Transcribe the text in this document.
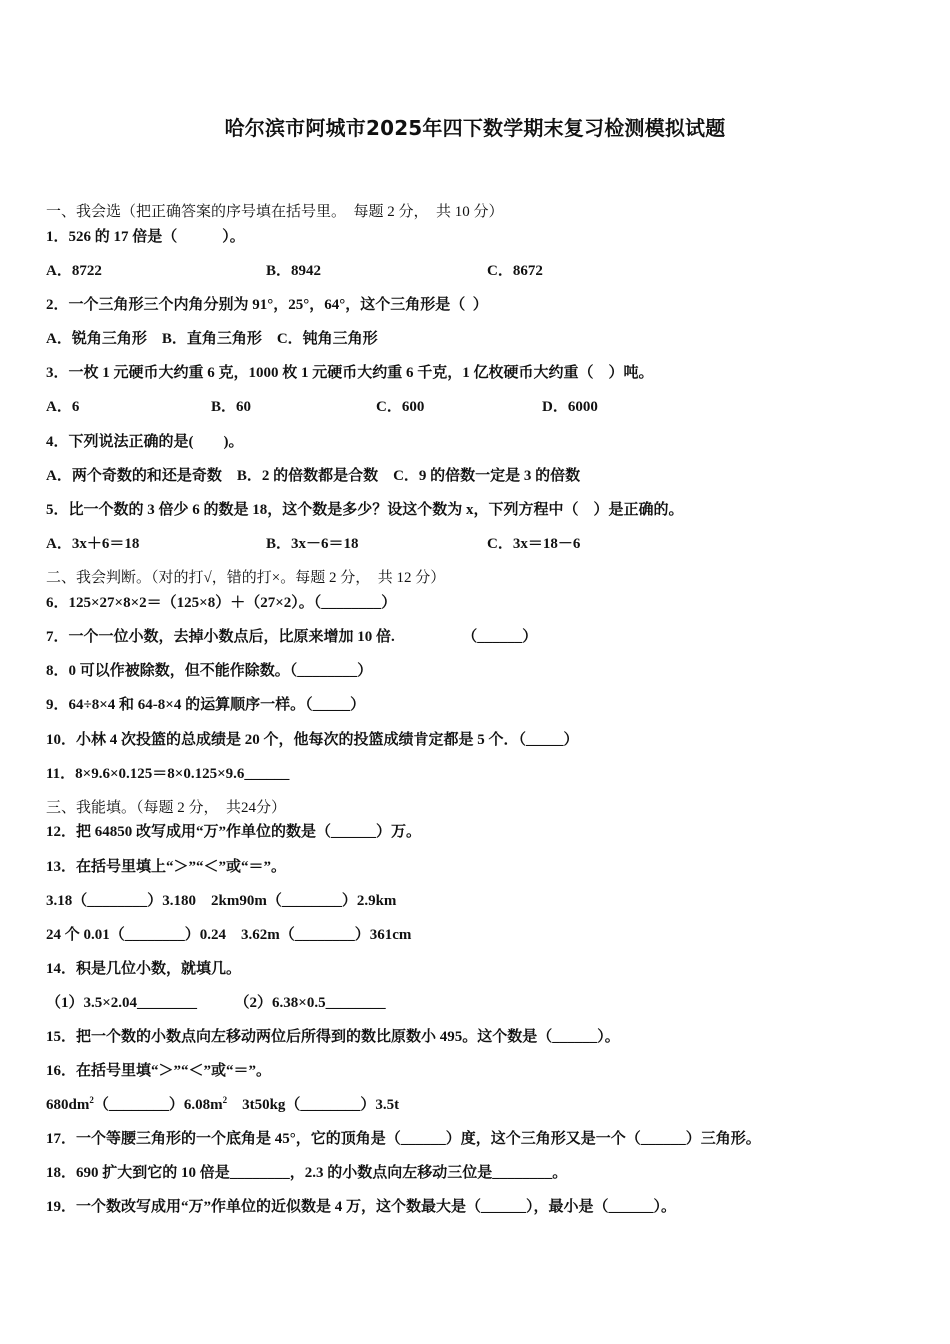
哈尔滨市阿城市2025年四下数学期末复习检测模拟试题
一、我会选（把正确答案的序号填在括号里。  每题 2 分，  共 10 分）
1．526 的 17 倍是（            ）。
A．8722	B．8942	C．8672
2．一个三角形三个内角分别为 91°，25°，64°，这个三角形是（  ）
A．锐角三角形    B．直角三角形    C．钝角三角形
3．一枚 1 元硬币大约重 6 克，1000 枚 1 元硬币大约重 6 千克，1 亿枚硬币大约重（    ）吨。
A．6	B．60	C．600	D．6000
4．下列说法正确的是(        )。
A．两个奇数的和还是奇数    B．2 的倍数都是合数    C．9 的倍数一定是 3 的倍数
5．比一个数的 3 倍少 6 的数是 18，这个数是多少？设这个数为 x，下列方程中（    ）是正确的。
A．3x＋6＝18	B．3x－6＝18	C．3x＝18－6
二、我会判断。（对的打√，错的打×。每题 2 分，  共 12 分）
6．125×27×8×2＝（125×8）＋（27×2）。（________）
7．一个一位小数，去掉小数点后，比原来增加 10 倍.                  （______）
8．0 可以作被除数，但不能作除数。（________）
9．64÷8×4 和 64-8×4 的运算顺序一样。（_____）
10．小林 4 次投篮的总成绩是 20 个，他每次的投篮成绩肯定都是 5 个．（_____）
11．8×9.6×0.125＝8×0.125×9.6______
三、我能填。（每题 2 分，  共24分）
12．把 64850 改写成用“万”作单位的数是（______）万。
13．在括号里填上“＞”“＜”或“＝”。
3.18（________）3.180    2km90m（________）2.9km
24 个 0.01（________）0.24    3.62m（________）361cm
14．积是几位小数，就填几。
（1）3.5×2.04________          （2）6.38×0.5________
15．把一个数的小数点向左移动两位后所得到的数比原数小 495。这个数是（______）。
16．在括号里填“＞”“＜”或“＝”。
$680dm^2(\_\_\_\_\_\_\_\_)6.08m^2$    3t50kg（________）3.5t
17．一个等腰三角形的一个底角是 45°，它的顶角是（______）度，这个三角形又是一个（______）三角形。
18．690 扩大到它的 10 倍是________，2.3 的小数点向左移动三位是________。
19．一个数改写成用“万”作单位的近似数是 4 万，这个数最大是（______），最小是（______）。
